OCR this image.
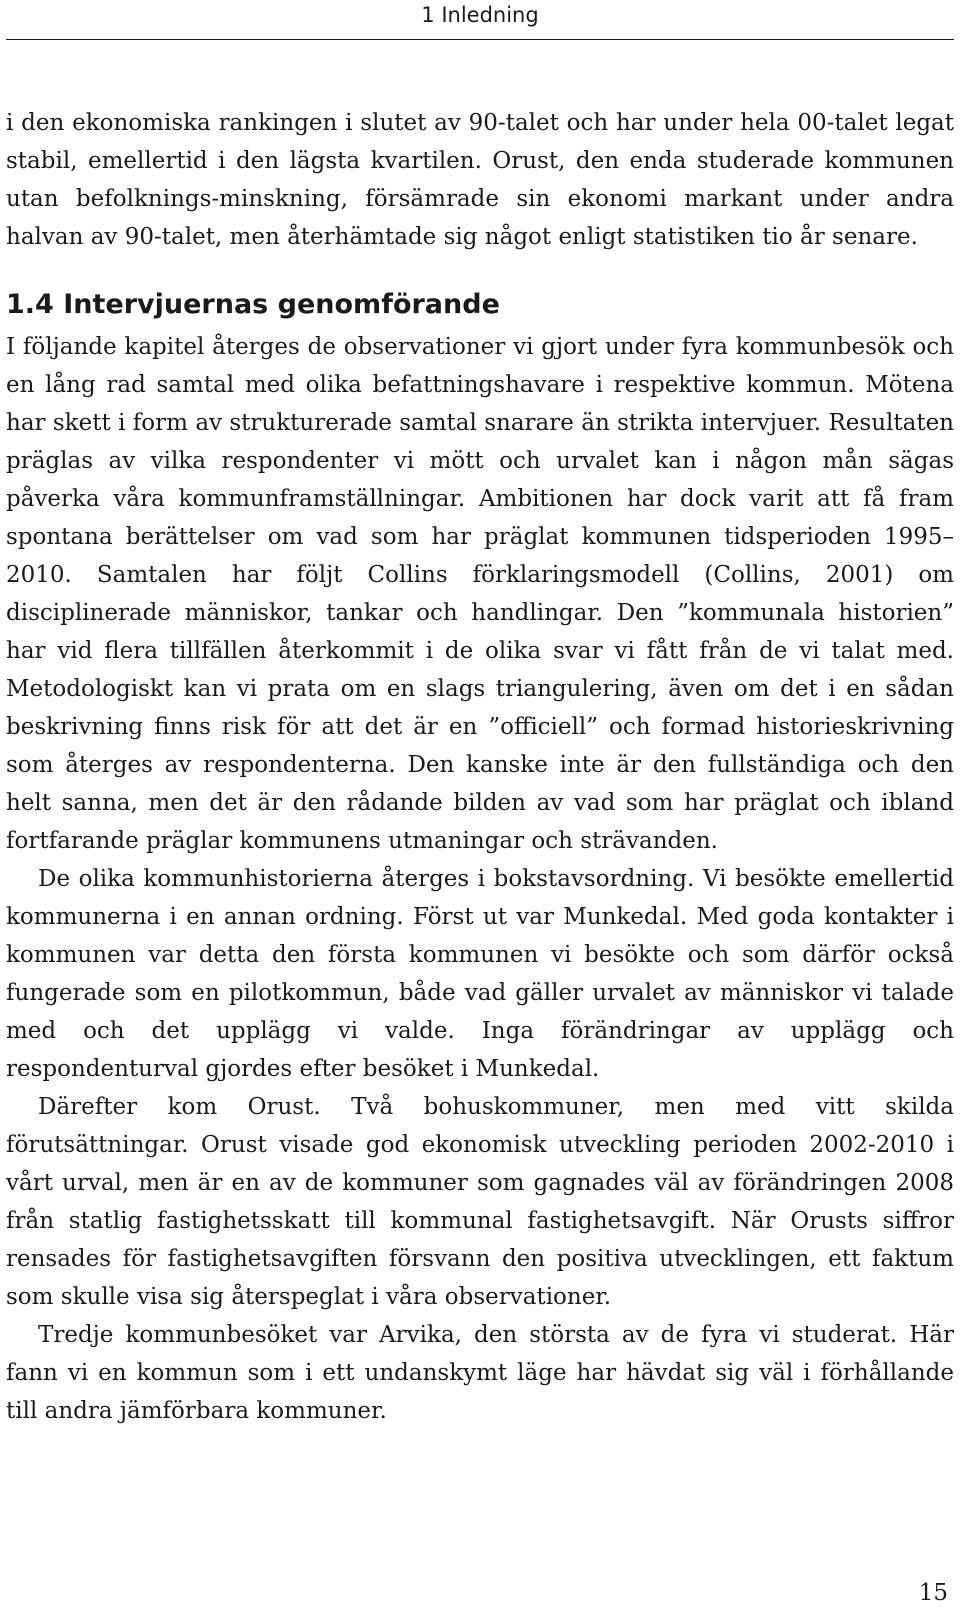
1 Inledning

i den ekonomiska rankingen i slutet av 90-talet och har under hela 00-talet legat stabil, emellertid i den lägsta kvartilen. Orust, den enda studerade kommunen utan befolknings-minskning, försämrade sin ekonomi markant under andra halvan av 90-talet, men återhämtade sig något enligt statistiken tio år senare.

1.4 Intervjuernas genomförande

I följande kapitel återges de observationer vi gjort under fyra kommunbesök och en lång rad samtal med olika befattningshavare i respektive kommun. Mötena har skett i form av strukturerade samtal snarare än strikta intervjuer. Resultaten präglas av vilka respondenter vi mött och urvalet kan i någon mån sägas påverka våra kommunframställningar. Ambitionen har dock varit att få fram spontana berättelser om vad som har präglat kommunen tidsperioden 1995–2010. Samtalen har följt Collins förklaringsmodell (Collins, 2001) om disciplinerade människor, tankar och handlingar. Den ”kommunala historien” har vid flera tillfällen återkommit i de olika svar vi fått från de vi talat med. Metodologiskt kan vi prata om en slags triangulering, även om det i en sådan beskrivning finns risk för att det är en ”officiell” och formad historieskrivning som återges av respondenterna. Den kanske inte är den fullständiga och den helt sanna, men det är den rådande bilden av vad som har präglat och ibland fortfarande präglar kommunens utmaningar och strävanden.

De olika kommunhistorierna återges i bokstavsordning. Vi besökte emellertid kommunerna i en annan ordning. Först ut var Munkedal. Med goda kontakter i kommunen var detta den första kommunen vi besökte och som därför också fungerade som en pilotkommun, både vad gäller urvalet av människor vi talade med och det upplägg vi valde. Inga förändringar av upplägg och respondenturval gjordes efter besöket i Munkedal.

Därefter kom Orust. Två bohuskommuner, men med vitt skilda förutsättningar. Orust visade god ekonomisk utveckling perioden 2002-2010 i vårt urval, men är en av de kommuner som gagnades väl av förändringen 2008 från statlig fastighetsskatt till kommunal fastighetsavgift. När Orusts siffror rensades för fastighetsavgiften försvann den positiva utvecklingen, ett faktum som skulle visa sig återspeglat i våra observationer.

Tredje kommunbesöket var Arvika, den största av de fyra vi studerat. Här fann vi en kommun som i ett undanskymt läge har hävdat sig väl i förhållande till andra jämförbara kommuner.

15
